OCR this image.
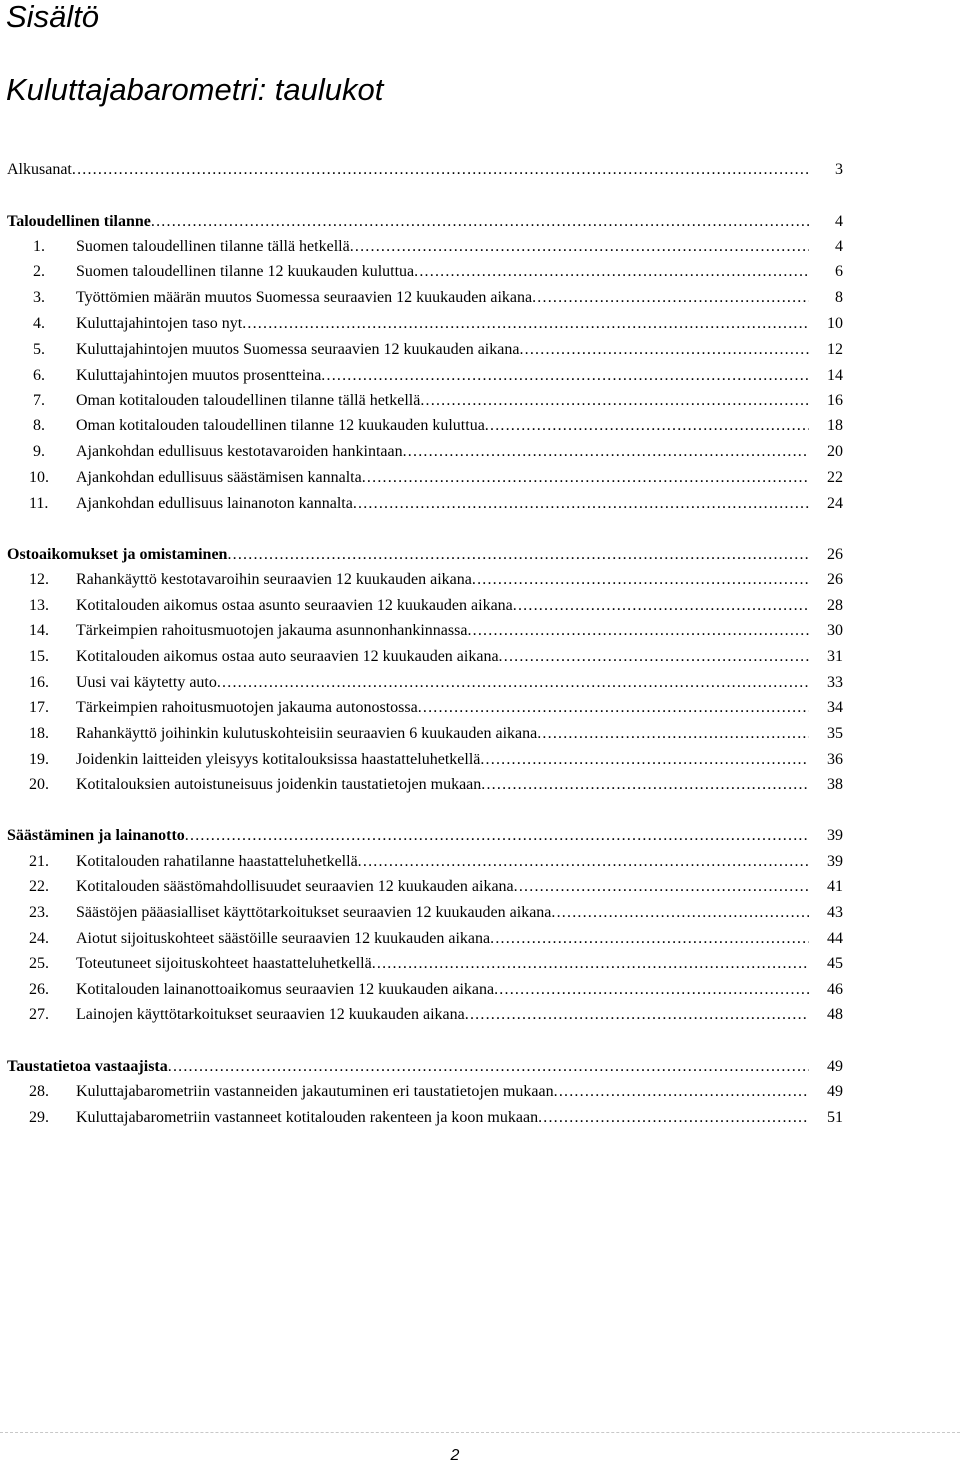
Sisältö
Kuluttajabarometri: taulukot
Alkusanat .....	3
Taloudellinen tilanne .....	4
1.	Suomen taloudellinen tilanne tällä hetkellä .....	4
2.	Suomen taloudellinen tilanne 12 kuukauden kuluttua .....	6
3.	Työttömien määrän muutos Suomessa seuraavien 12 kuukauden aikana .....	8
4.	Kuluttajahintojen taso nyt .....	10
5.	Kuluttajahintojen muutos Suomessa seuraavien 12 kuukauden aikana .....	12
6.	Kuluttajahintojen muutos prosentteina .....	14
7.	Oman kotitalouden taloudellinen tilanne tällä hetkellä .....	16
8.	Oman kotitalouden taloudellinen tilanne 12 kuukauden kuluttua .....	18
9.	Ajankohdan edullisuus kestotavaroiden hankintaan .....	20
10.	Ajankohdan edullisuus säästämisen kannalta .....	22
11.	Ajankohdan edullisuus lainanoton kannalta .....	24
Ostoaikomukset ja omistaminen .....	26
12.	Rahankäyttö kestotavaroihin seuraavien 12 kuukauden aikana .....	26
13.	Kotitalouden aikomus ostaa asunto seuraavien 12 kuukauden aikana .....	28
14.	Tärkeimpien rahoitusmuotojen jakauma asunnonhankinnassa .....	30
15.	Kotitalouden aikomus ostaa auto seuraavien 12 kuukauden aikana .....	31
16.	Uusi vai käytetty auto .....	33
17.	Tärkeimpien rahoitusmuotojen jakauma autonostossa .....	34
18.	Rahankäyttö joihinkin kulutuskohteisiin seuraavien 6 kuukauden aikana .....	35
19.	Joidenkin laitteiden yleisyys kotitalouksissa haastatteluhetkellä .....	36
20.	Kotitalouksien autoistuneisuus joidenkin taustatietojen mukaan .....	38
Säästäminen ja lainanotto .....	39
21.	Kotitalouden rahatilanne haastatteluhetkellä .....	39
22.	Kotitalouden säästömahdollisuudet seuraavien 12 kuukauden aikana .....	41
23.	Säästöjen pääasialliset käyttötarkoitukset seuraavien 12 kuukauden aikana .....	43
24.	Aiotut sijoituskohteet säästöille seuraavien 12 kuukauden aikana .....	44
25.	Toteutuneet sijoituskohteet haastatteluhetkellä .....	45
26.	Kotitalouden lainanottoaikomus seuraavien 12 kuukauden aikana .....	46
27.	Lainojen käyttötarkoitukset seuraavien 12 kuukauden aikana .....	48
Taustatietoa vastaajista .....	49
28.	Kuluttajabarometriin vastanneiden jakautuminen eri taustatietojen mukaan .....	49
29.	Kuluttajabarometriin vastanneet kotitalouden rakenteen ja koon mukaan .....	51
2
